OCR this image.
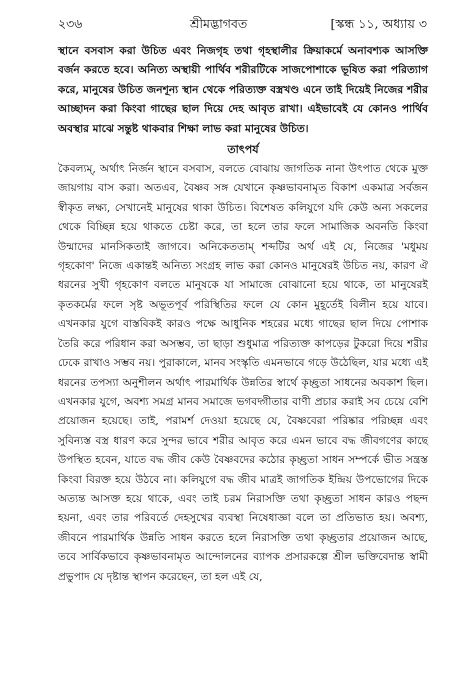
২৩৬	শ্রীমদ্ভাগবত	[স্কন্ধ ১১, অধ্যায় ৩

স্থানে বসবাস করা উচিত এবং নিজগৃহ তথা গৃহস্থালীর ক্রিয়াকর্মে অনাবশ্যক আসক্তি বর্জন করতে হবে। অনিত্য অস্থায়ী পার্থিব শরীরটিকে সাজপোশাকে ভূষিত করা পরিত্যাগ করে, মানুষের উচিত জনশূন্য স্থান থেকে পরিত্যক্ত বস্ত্রখণ্ড এনে তাই দিয়েই নিজের শরীর আচ্ছাদন করা কিংবা গাছের ছাল দিয়ে দেহ আবৃত রাখা। এইভাবেই যে কোনও পার্থিব অবস্থার মাঝে সন্তুষ্ট থাকবার শিক্ষা লাভ করা মানুষের উচিত।

তাৎপর্য

কৈবল্যম্, অর্থাৎ নির্জন স্থানে বসবাস, বলতে বোঝায় জাগতিক নানা উৎপাত থেকে মুক্ত জায়গায় বাস করা। অতএব, বৈষ্ণব সঙ্গ যেখানে কৃষ্ণভাবনামৃত বিকাশ একমাত্র সর্বজন স্বীকৃত লক্ষ্য, সেখানেই মানুষের থাকা উচিত। বিশেষত কলিযুগে যদি কেউ অন্য সকলের থেকে বিচ্ছিন্ন হয়ে থাকতে চেষ্টা করে, তা হলে তার ফলে সামাজিক অবনতি কিংবা উন্মাদের মানসিকতাই জাগবে। অনিকেততাম্ শব্দটির অর্থ এই যে, নিজের 'মধুময় গৃহকোণ' নিজে একান্তই অনিত্য সংগ্রহ লাভ করা কোনও মানুষেরই উচিত নয়, কারণ ঐ ধরনের সুখী গৃহকোণ বলতে মানুষকে যা সামাজে বোঝানো হয়ে থাকে, তা মানুষেরই কৃতকর্মের ফলে সৃষ্ট অভূতপূর্ব পরিস্থিতির ফলে যে কোন মুহূর্তেই বিলীন হয়ে যাবে। এখনকার যুগে বাস্তবিকই কারও পক্ষে আধুনিক শহরের মধ্যে গাছের ছাল দিয়ে পোশাক তৈরি করে পরিধান করা অসম্ভব, তা ছাড়া শুধুমাত্র পরিত্যক্ত কাপড়ের টুকরো দিয়ে শরীর ঢেকে রাখাও সম্ভব নয়। পুরাকালে, মানব সংস্কৃতি এমনভাবে গড়ে উঠেছিল, যার মধ্যে এই ধরনের তপস্যা অনুশীলন অর্থাৎ পারমার্থিক উন্নতির স্বার্থে কৃচ্ছ্রতা সাধনের অবকাশ ছিল। এখনকার যুগে, অবশ্য সমগ্র মানব সমাজে ভগবদ্গীতার বাণী প্রচার করাই সব চেয়ে বেশি প্রয়োজন হয়েছে। তাই, পরামর্শ দেওয়া হয়েছে যে, বৈষ্ণবেরা পরিষ্কার পরিচ্ছন্ন এবং সুবিন্যস্ত বস্ত্র ধারণ করে সুন্দর ভাবে শরীর আবৃত করে এমন ভাবে বদ্ধ জীবগণের কাছে উপস্থিত হবেন, যাতে বদ্ধ জীব কেউ বৈষ্ণবদের কঠোর কৃচ্ছ্রতা সাধন সম্পর্কে ভীত সন্ত্রস্ত কিংবা বিরক্ত হয়ে উঠবে না। কলিযুগে বদ্ধ জীব মাত্রই জাগতিক ইন্দ্রিয় উপভোগের দিকে অত্যন্ত আসক্ত হয়ে থাকে, এবং তাই চরম নিরাসক্তি তথা কৃচ্ছ্রতা সাধন কারও পছন্দ হয়না, এবং তার পরিবর্তে দেহসুখের ব্যবস্থা নিষেধাজ্ঞা বলে তা প্রতিভাত হয়। অবশ্য, জীবনে পারমার্থিক উন্নতি সাধন করতে হলে নিরাসক্তি তথা কৃচ্ছ্রতার প্রয়োজন আছে, তবে সার্বিকভাবে কৃষ্ণভাবনামৃত আন্দোলনের ব্যাপক প্রসারকল্পে শ্রীল ভক্তিবেদান্ত স্বামী প্রভুপাদ যে দৃষ্টান্ত স্থাপন করেছেন, তা হল এই যে,
